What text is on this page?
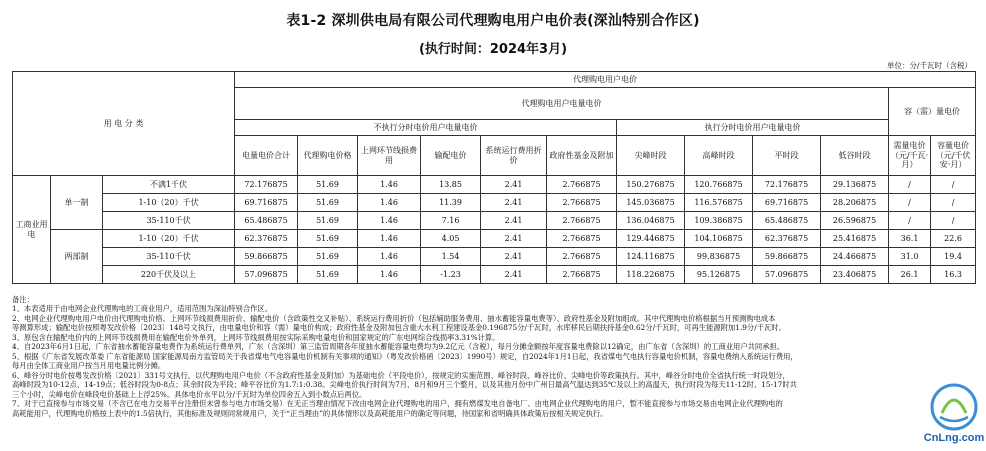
表1-2 深圳供电局有限公司代理购电用户电价表(深汕特别合作区)
(执行时间：2024年3月)
单位：分/千瓦时（含税）
用 电 分 类			代理购电用户电价											
			代理购电用户电量电价										容（需）量电价	
			不执行分时电价用户电量电价						执行分时电价用户电量电价					
			电量电价合计	代理购电价格	上网环节线损费用	输配电价	系统运行费用折价	政府性基金及附加	尖峰时段	高峰时段	平时段	低谷时段	需量电价（元/千瓦·月）	容量电价（元/千伏安·月）
工商业用电	单一制	不满1千伏	72.176875	51.69	1.46	13.85	2.41	2.766875	150.276875	120.766875	72.176875	29.136875	/	/
		1-10（20）千伏	69.716875	51.69	1.46	11.39	2.41	2.766875	145.036875	116.576875	69.716875	28.206875	/	/
		35-110千伏	65.486875	51.69	1.46	7.16	2.41	2.766875	136.046875	109.386875	65.486875	26.596875	/	/
	两部制	1-10（20）千伏	62.376875	51.69	1.46	4.05	2.41	2.766875	129.446875	104.106875	62.376875	25.416875	36.1	22.6
		35-110千伏	59.866875	51.69	1.46	1.54	2.41	2.766875	124.116875	99.836875	59.866875	24.466875	31.0	19.4
		220千伏及以上	57.096875	51.69	1.46	-1.23	2.41	2.766875	118.226875	95.126875	57.096875	23.406875	26.1	16.3
备注：
1、本表适用于由电网企业代理购电的工商业用户，适用范围为深汕特别合作区。
2、电网企业代理购电用户电价由代理购电价格、上网环节线损费用折价、输配电价（含政策性交叉补贴）、系统运行费用折价（包括辅助服务费用、抽水蓄能容量电费等）、政府性基金及附加组成。其中代理购电价格根据当月预测购电成本
等测算形成；输配电价按照粤发改价格〔2023〕148号文执行，由电量电价和容（需）量电价构成；政府性基金及附加包含重大水利工程建设基金0.196875分/千瓦时，水库移民后期扶持基金0.62分/千瓦时，可再生能源附加1.9分/千瓦时。
3、原包含在输配电价内的上网环节线损费用在输配电价外单列，上网环节线损费用按实际采购电量电价和国家规定的广东电网综合线损率3.31%计算。
4、自2023年6月1日起，广东省抽水蓄能容量电费作为系统运行费单列，广东（含深圳）第三监管周期各年度抽水蓄能容量电费均为9.2亿元（含税），每月分摊金额按年度容量电费除以12确定，由广东省（含深圳）的工商业用户共同承担。
5、根据《广东省发展改革委 广东省能源局 国家能源局南方监管局关于我省煤电气电容量电价机制有关事项的通知》（粤发改价格函〔2023〕1990号）规定，自2024年1月1日起，我省煤电气电执行容量电价机制，容量电费纳入系统运行费用，
每月由全体工商业用户按当月用电量比例分摊。
6、峰谷分时电价按粤发改价格〔2021〕331号文执行，以代理购电用户电价（不含政府性基金及附加）为基础电价（平段电价），按规定的实施范围、峰谷时段、峰谷比价、尖峰电价等政策执行。其中，峰谷分时电价全省执行统一时段划分，
高峰时段为10-12点、14-19点；低谷时段为0-8点；其余时段为平段；峰平谷比价为1.7:1:0.38。尖峰电价执行时间为7月、8月和9月三个整月，以及其他月份中广州日最高气温达到35℃及以上的高温天，执行时段为每天11-12时、15-17时共
三个小时，尖峰电价在峰段电价基础上上浮25%。具体电价水平以分/千瓦时为单位四舍五入到小数点后两位。
7、对于已直接参与市场交易（不含已在电力交易平台注册但未曾参与电力市场交易）在无正当理由情况下改由电网企业代理购电的用户，拥有燃煤发电自备电厂、由电网企业代理购电的用户，暂不能直接参与市场交易由电网企业代理购电的
高耗能用户，代理购电价格按上表中的1.5倍执行，其他标准及规则同常规用户，关于“正当理由”的具体情形以及高耗能用户的确定等问题，待国家和省明确具体政策后按相关规定执行。
CnLng.com
